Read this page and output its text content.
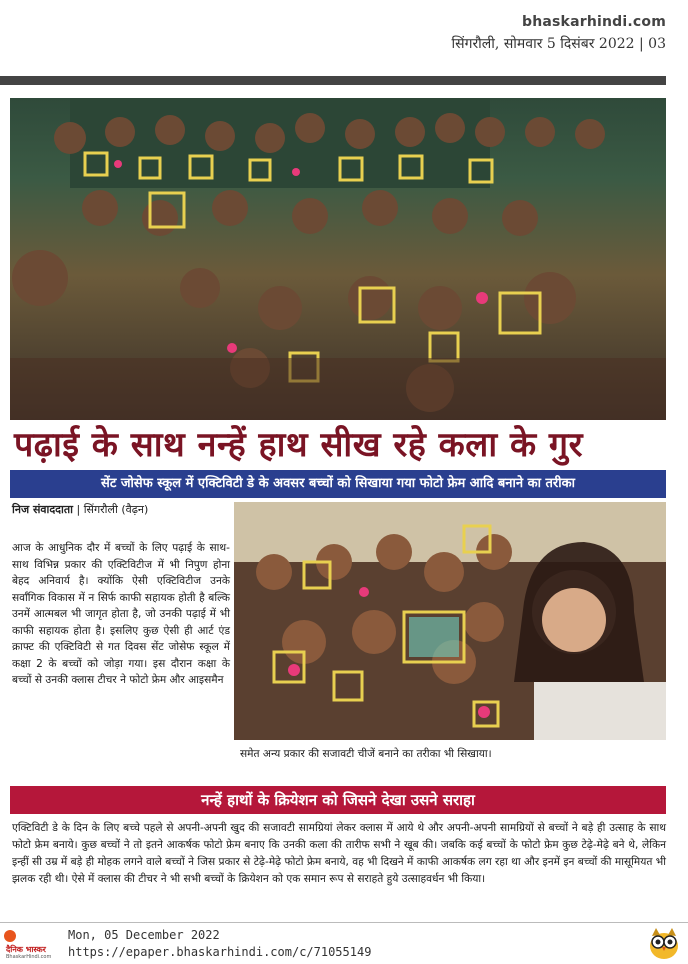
bhaskarhindi.com
सिंगरौली, सोमवार 5 दिसंबर 2022 | 03
पढ़ाई के साथ नन्हें हाथ सीख रहे कला के गुर
सेंट जोसेफ स्कूल में एक्टिविटी डे के अवसर बच्चों को सिखाया गया फोटो फ्रेम आदि बनाने का तरीका
निज संवाददाता | सिंगरौली (वैढ़न)
आज के आधुनिक दौर में बच्चों के लिए पढ़ाई के साथ-साथ विभिन्न प्रकार की एक्टिविटीज में भी निपुण होना बेहद अनिवार्य है। क्योंकि ऐसी एक्टिविटीज उनके सर्वांगिक विकास में न सिर्फ काफी सहायक होती है बल्कि उनमें आत्मबल भी जागृत होता है, जो उनकी पढ़ाई में भी काफी सहायक होता है। इसलिए कुछ ऐसी ही आर्ट एंड क्राफ्ट की एक्टिविटी से गत दिवस सेंट जोसेफ स्कूल में कक्षा 2 के बच्चों को जोड़ा गया। इस दौरान कक्षा के बच्चों से उनकी क्लास टीचर ने फोटो फ्रेम और आइसमैन
समेत अन्य प्रकार की सजावटी चीजें बनाने का तरीका भी सिखाया।
नन्हें हाथों के क्रियेशन को जिसने देखा उसने सराहा
एक्टिविटी डे के दिन के लिए बच्चे पहले से अपनी-अपनी खुद की सजावटी सामग्रियां लेकर क्लास में आये थे और अपनी-अपनी सामग्रियों से बच्चों ने बड़े ही उत्साह के साथ फोटो फ्रेम बनाये। कुछ बच्चों ने तो इतने आकर्षक फोटो फ्रेम बनाए कि उनकी कला की तारीफ सभी ने खूब की। जबकि कई बच्चों के फोटो फ्रेम कुछ टेढ़े-मेढ़े बने थे, लेकिन इन्हीं सी उम्र में बड़े ही मोहक लगने वाले बच्चों ने जिस प्रकार से टेढ़े-मेढ़े फोटो फ्रेम बनाये, वह भी दिखने में काफी आकर्षक लग रहा था और इनमें इन बच्चों की मासूमियत भी झलक रही थी। ऐसे में क्लास की टीचर ने भी सभी बच्चों के क्रियेशन को एक समान रूप से सराहते हुये उत्साहवर्धन भी किया।
दैनिक भास्कर
BhaskarHindi.com
Mon, 05 December 2022
https://epaper.bhaskarhindi.com/c/71055149
